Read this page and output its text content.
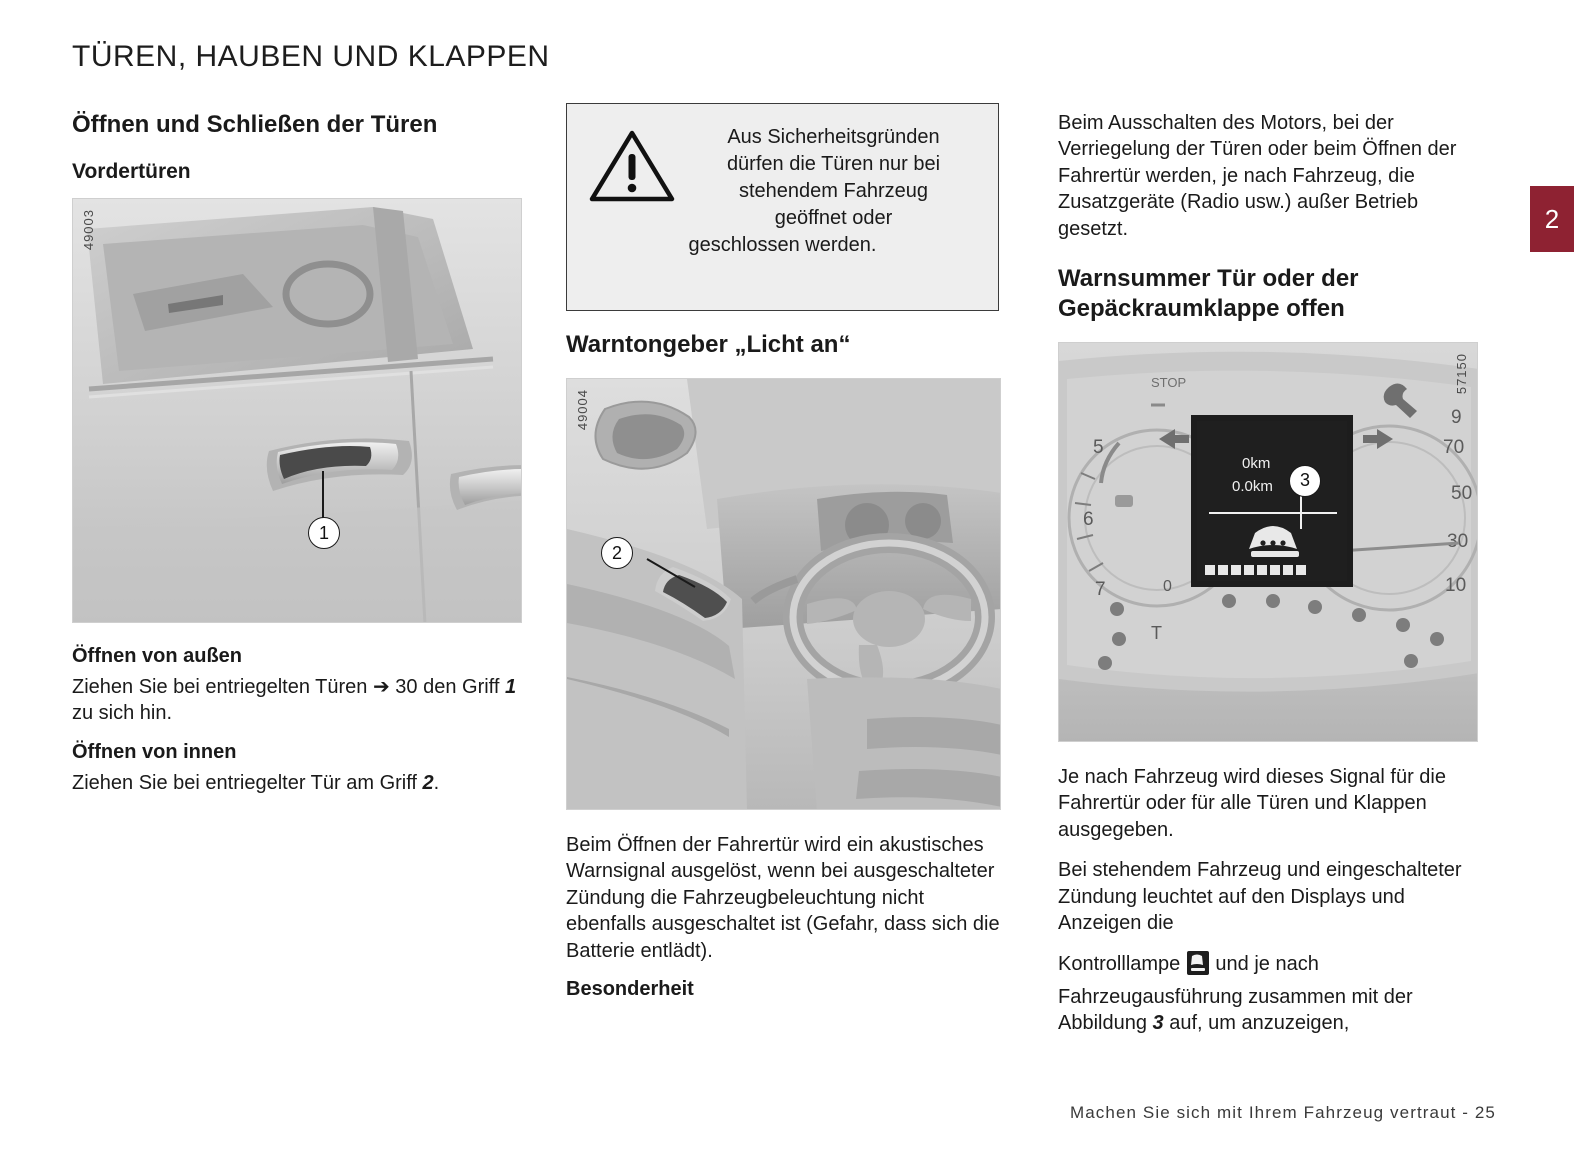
TÜREN, HAUBEN UND KLAPPEN
2
Öffnen und Schließen der Türen
Vordertüren
49003
1
Öffnen von außen

Ziehen Sie bei entriegelten Türen ➔ 30 den Griff 1 zu sich hin.

Öffnen von innen

Ziehen Sie bei entriegelter Tür am Griff 2.

Aus Sicherheitsgründen
dürfen die Türen nur bei
stehendem Fahrzeug
geöffnet oder
geschlossen werden.
Warntongeber „Licht an“
49004
2

Beim Öffnen der Fahrertür wird ein akustisches Warnsignal ausgelöst, wenn bei ausgeschalteter Zündung die Fahrzeugbeleuchtung nicht ebenfalls ausgeschaltet ist (Gefahr, dass sich die Batterie entlädt).

Besonderheit

Beim Ausschalten des Motors, bei der Verriegelung der Türen oder beim Öffnen der Fahrertür werden, je nach Fahrzeug, die Zusatzgeräte (Radio usw.) außer Betrieb gesetzt.

Warnsummer Tür oder der Gepäckraumklappe offen
57150
5
6
7
9
70
50
30
10
0km
0.0km
STOP
0
T
3

Je nach Fahrzeug wird dieses Signal für die Fahrertür oder für alle Türen und Klappen ausgegeben.

Bei stehendem Fahrzeug und eingeschalteter Zündung leuchtet auf den Displays und Anzeigen die

Kontrolllampe und je nach Fahrzeugausführung zusammen mit der Abbildung 3 auf, um anzuzeigen,

Machen Sie sich mit Ihrem Fahrzeug vertraut - 25
